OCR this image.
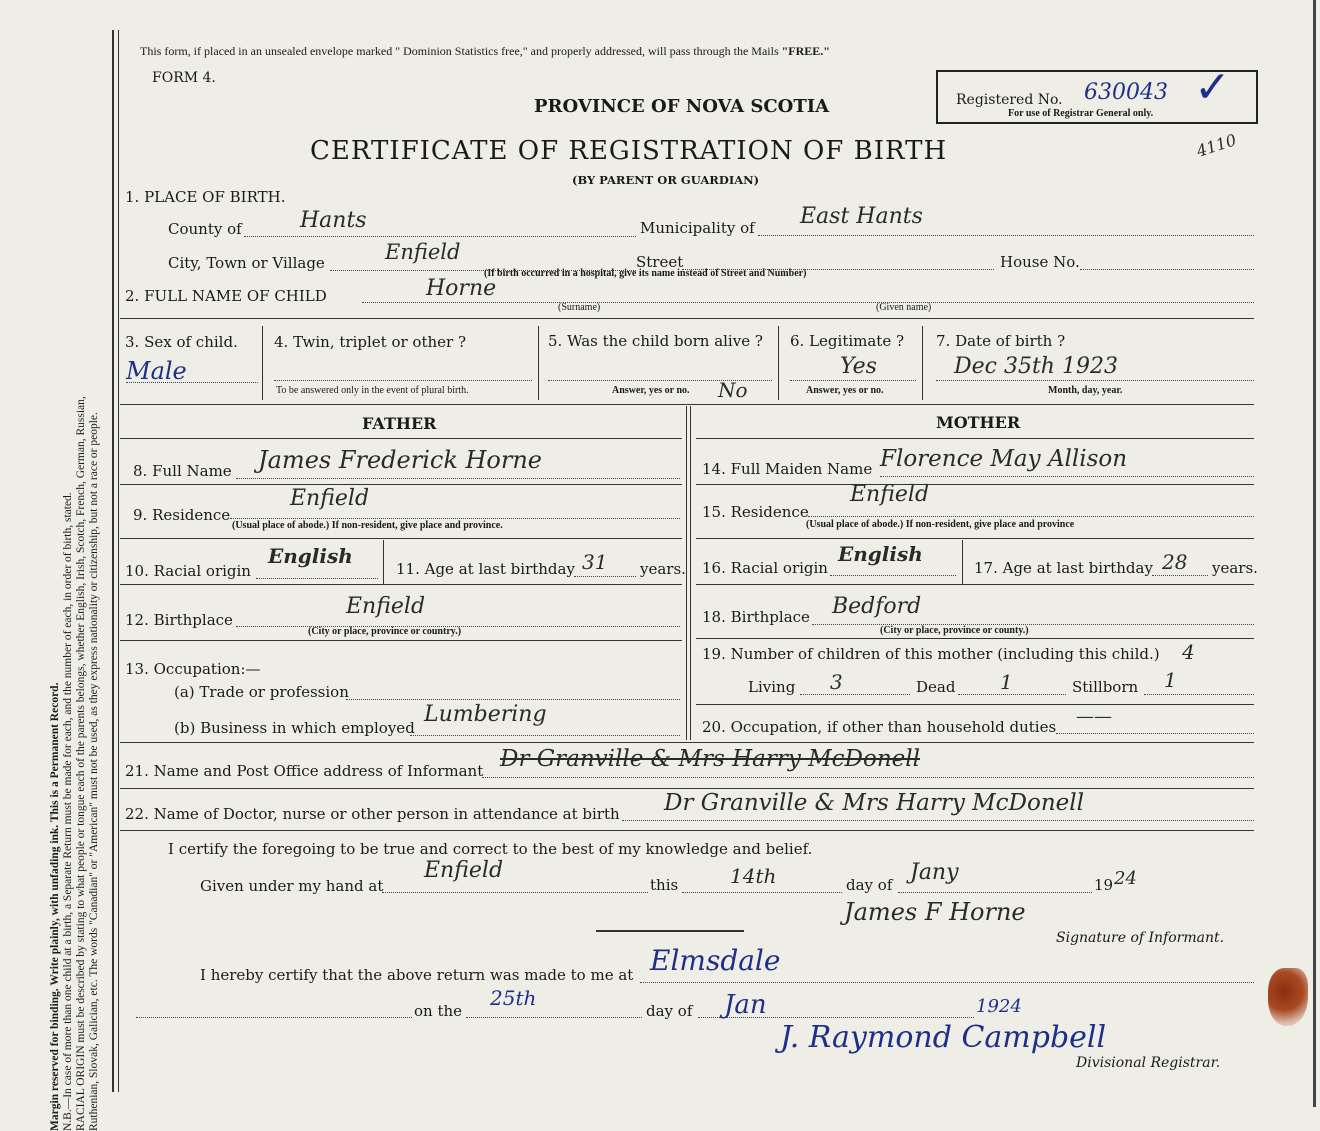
Margin reserved for binding. Write plainly, with unfading ink. This is a Permanent Record. N.B.—In case of more than one child at a birth, a Separate Return must be made for each, and the number of each, in order of birth, stated. RACIAL ORIGIN must be described by stating to what people or tongue each of the parents belongs, whether English, Irish, Scotch, French, German, Russian, Ruthenian, Slovak, Galician, etc. The words "Canadian" or "American" must not be used, as they express nationality or citizenship, but not a race or people.
This form, if placed in an unsealed envelope marked " Dominion Statistics free," and properly addressed, will pass through the Mails "FREE."
FORM 4.
PROVINCE OF NOVA SCOTIA
CERTIFICATE OF REGISTRATION OF BIRTH
(BY PARENT OR GUARDIAN)
Registered No. 630043 ✓
For use of Registrar General only.
4110
1. PLACE OF BIRTH.
County of	Hants	Municipality of East Hants
City, Town or Village	Enfield	Street	House No.
(If birth occurred in a hospital, give its name instead of Street and Number)
2. FULL NAME OF CHILD	Horne
(Surname)	(Given name)
3. Sex of child.
Male
4. Twin, triplet or other ?
To be answered only in the event of plural birth.
5. Was the child born alive ?
Answer, yes or no. No
6. Legitimate ?
Yes
Answer, yes or no.
7. Date of birth ?
Dec 35th 1923
Month, day, year.
FATHER
8. Full Name James Frederick Horne
9. Residence
Enfield
(Usual place of abode.) If non-resident, give place and province.
10. Racial origin
English
11. Age at last birthday 31 years.
12. Birthplace
Enfield
(City or place, province or country.)
13. Occupation:—
(a) Trade or profession
(b) Business in which employed
Lumbering
MOTHER
14. Full Maiden Name Florence May Allison
15. Residence
Enfield
(Usual place of abode.) If non-resident, give place and province
16. Racial origin
English
17. Age at last birthday 28 years.
18. Birthplace Bedford
(City or place, province or county.)
19. Number of children of this mother (including this child.) 4
Living 3	Dead 1	Stillborn 1
20. Occupation, if other than household duties ——
21. Name and Post Office address of Informant Dr Granville & Mrs Harry McDonell
22. Name of Doctor, nurse or other person in attendance at birth Dr Granville & Mrs Harry McDonell
I certify the foregoing to be true and correct to the best of my knowledge and belief.
Given under my hand at
Enfield
this	14th	day of Jany	19 24
James F Horne
Signature of Informant.
I hereby certify that the above return was made to me at Elmsdale
on the
25th
day of Jan	1924
J. Raymond Campbell
Divisional Registrar.
